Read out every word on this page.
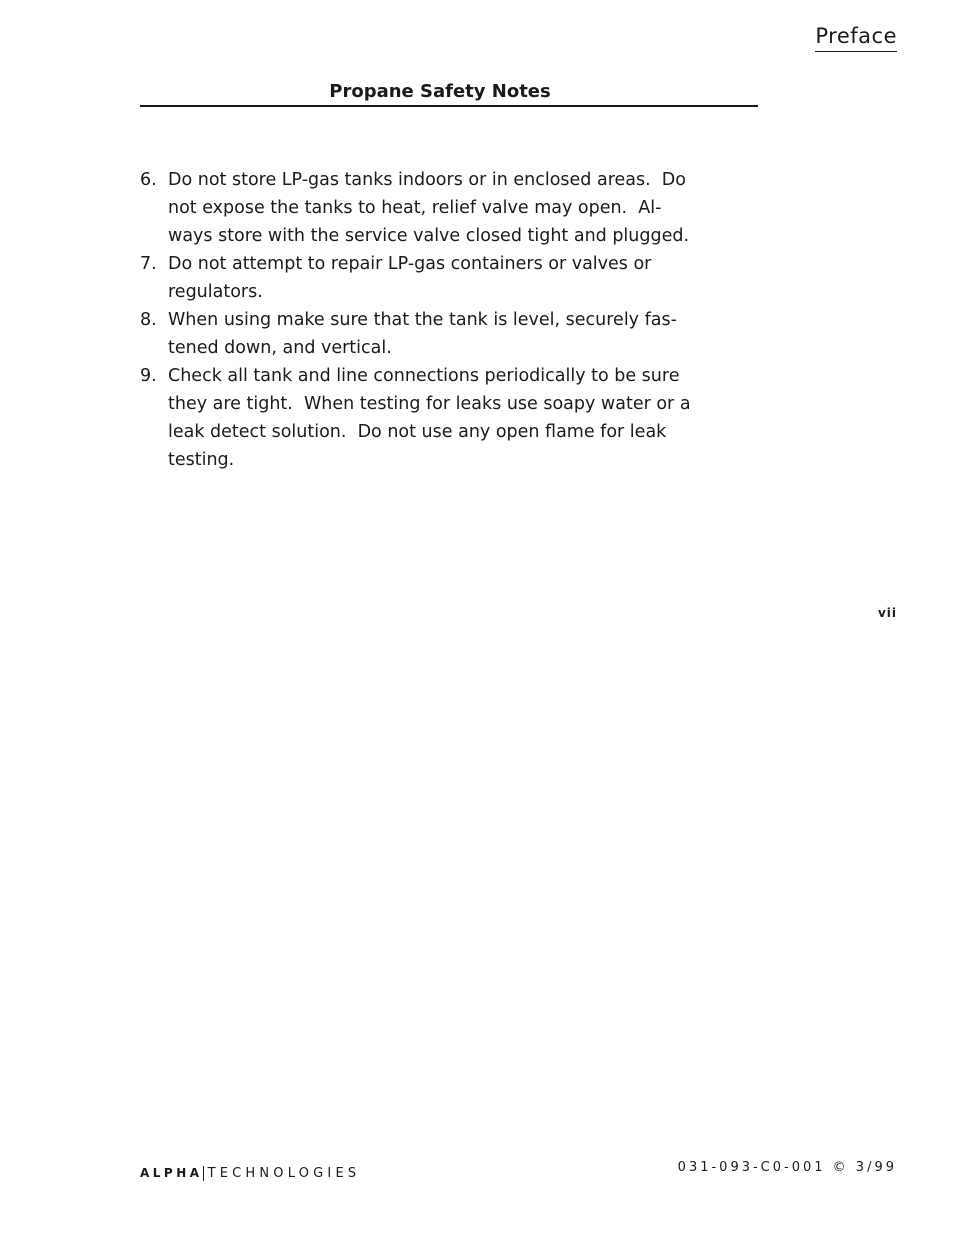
Preface
Propane Safety Notes
6. Do not store LP-gas tanks indoors or in enclosed areas.  Do
not expose the tanks to heat, relief valve may open.  Al-
ways store with the service valve closed tight and plugged.
7. Do not attempt to repair LP-gas containers or valves or
regulators.
8. When using make sure that the tank is level, securely fas-
tened down, and vertical.
9. Check all tank and line connections periodically to be sure
they are tight.  When testing for leaks use soapy water or a
leak detect solution.  Do not use any open flame for leak
testing.
vii
ALPHA TECHNOLOGIES	031-093-C0-001 © 3/99
